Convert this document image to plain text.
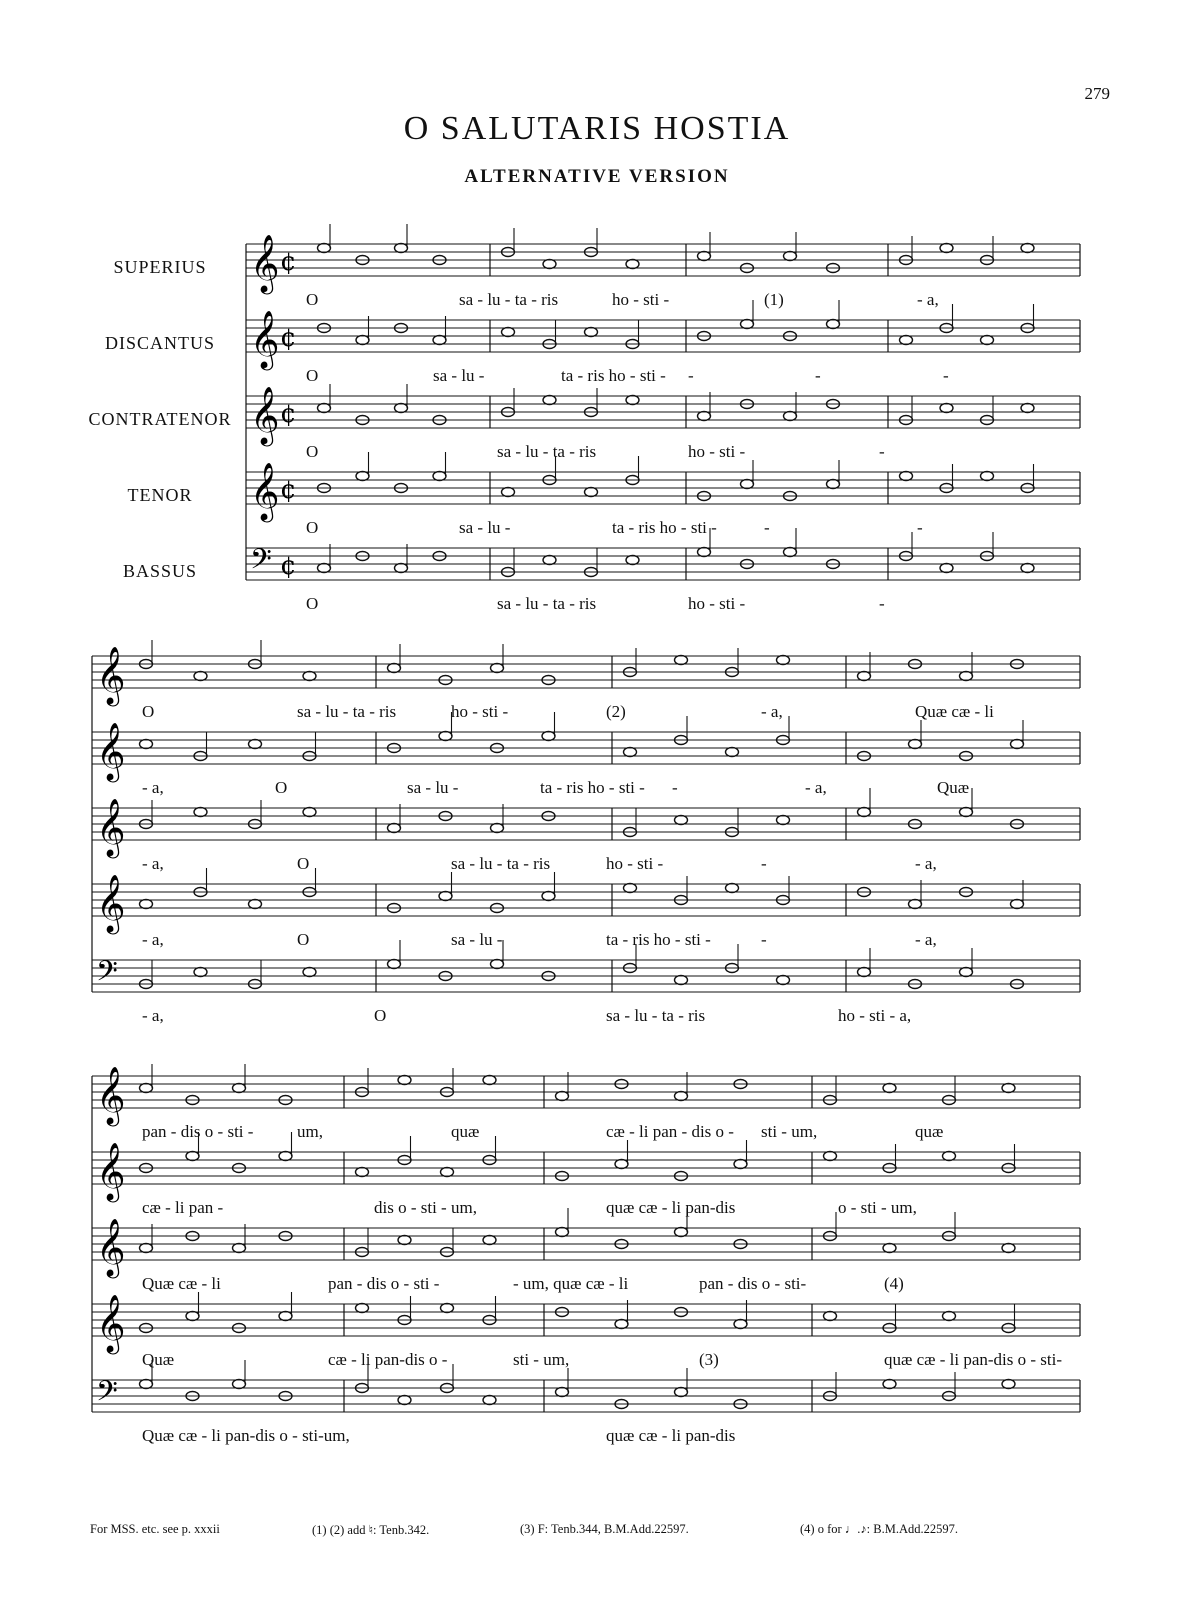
279
O SALUTARIS HOSTIA
ALTERNATIVE VERSION
SUPERIUS
DISCANTUS
CONTRATENOR
TENOR
BASSUS
𝄞 ¢
𝄞 ¢
𝄞 ¢
𝄞 ¢
𝄢 ¢
𝄞
𝄞
𝄞
𝄞
𝄢
𝄞
𝄞
𝄞
𝄞
𝄢
O	sa - lu - ta - ris	ho - sti -	(1)	- a,
O	sa - lu -	ta - ris ho - sti - -	-	-
O	sa - lu - ta - ris	ho - sti -	-
O	sa - lu -	ta - ris ho - sti -	-	-
O	sa - lu - ta - ris	ho - sti -	-
O	sa - lu - ta - ris	ho - sti -	(2)	- a,	Quæ cæ - li
- a,	O	sa - lu -	ta - ris ho - sti - -	- a,	Quæ
- a,	O	sa - lu - ta - ris	ho - sti -	-	- a,
- a,	O	sa - lu -	ta - ris ho - sti -	-	- a,
- a,	O	sa - lu - ta - ris	ho - sti - a,
pan - dis o - sti -	um,	quæ	cæ - li pan - dis o - sti - um,	quæ
cæ - li pan -	dis o - sti - um,	quæ cæ - li pan-dis	o - sti - um,
Quæ cæ - li	pan - dis o - sti -	- um, quæ cæ - li	pan - dis o - sti-	(4)
Quæ	cæ - li pan-dis o -	sti - um,	(3)	quæ cæ - li pan-dis o - sti-
Quæ cæ - li pan-dis o - sti-um,	quæ cæ - li pan-dis
For MSS. etc. see p. xxxii	(1) (2) add ♮: Tenb.342.	(3) F: Tenb.344, B.M.Add.22597.	(4) o for ♩.♪: B.M.Add.22597.
